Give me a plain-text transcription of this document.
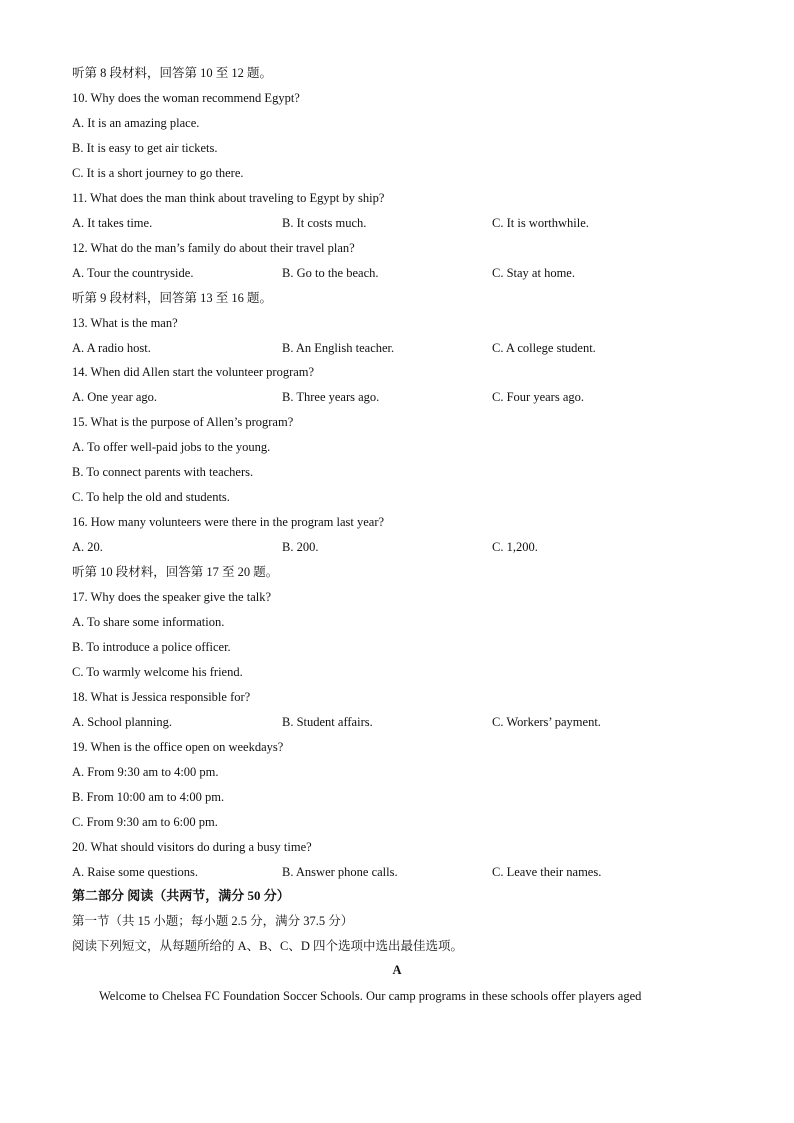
听第 8 段材料，回答第 10 至 12 题。
10. Why does the woman recommend Egypt?
A. It is an amazing place.
B. It is easy to get air tickets.
C. It is a short journey to go there.
11. What does the man think about traveling to Egypt by ship?
A. It takes time.	B. It costs much.	C. It is worthwhile.
12. What do the man’s family do about their travel plan?
A. Tour the countryside.	B. Go to the beach.	C. Stay at home.
听第 9 段材料，回答第 13 至 16 题。
13. What is the man?
A. A radio host.	B. An English teacher.	C. A college student.
14. When did Allen start the volunteer program?
A. One year ago.	B. Three years ago.	C. Four years ago.
15. What is the purpose of Allen’s program?
A. To offer well-paid jobs to the young.
B. To connect parents with teachers.
C. To help the old and students.
16. How many volunteers were there in the program last year?
A. 20.	B. 200.	C. 1,200.
听第 10 段材料，回答第 17 至 20 题。
17. Why does the speaker give the talk?
A. To share some information.
B. To introduce a police officer.
C. To warmly welcome his friend.
18. What is Jessica responsible for?
A. School planning.	B. Student affairs.	C. Workers’ payment.
19. When is the office open on weekdays?
A. From 9:30 am to 4:00 pm.
B. From 10:00 am to 4:00 pm.
C. From 9:30 am to 6:00 pm.
20. What should visitors do during a busy time?
A. Raise some questions.	B. Answer phone calls.	C. Leave their names.
第二部分 阅读（共两节，满分 50 分）
第一节（共 15 小题；每小题 2.5 分，满分 37.5 分）
阅读下列短文，从每题所给的 A、B、C、D 四个选项中选出最佳选项。
A
Welcome to Chelsea FC Foundation Soccer Schools. Our camp programs in these schools offer players aged
